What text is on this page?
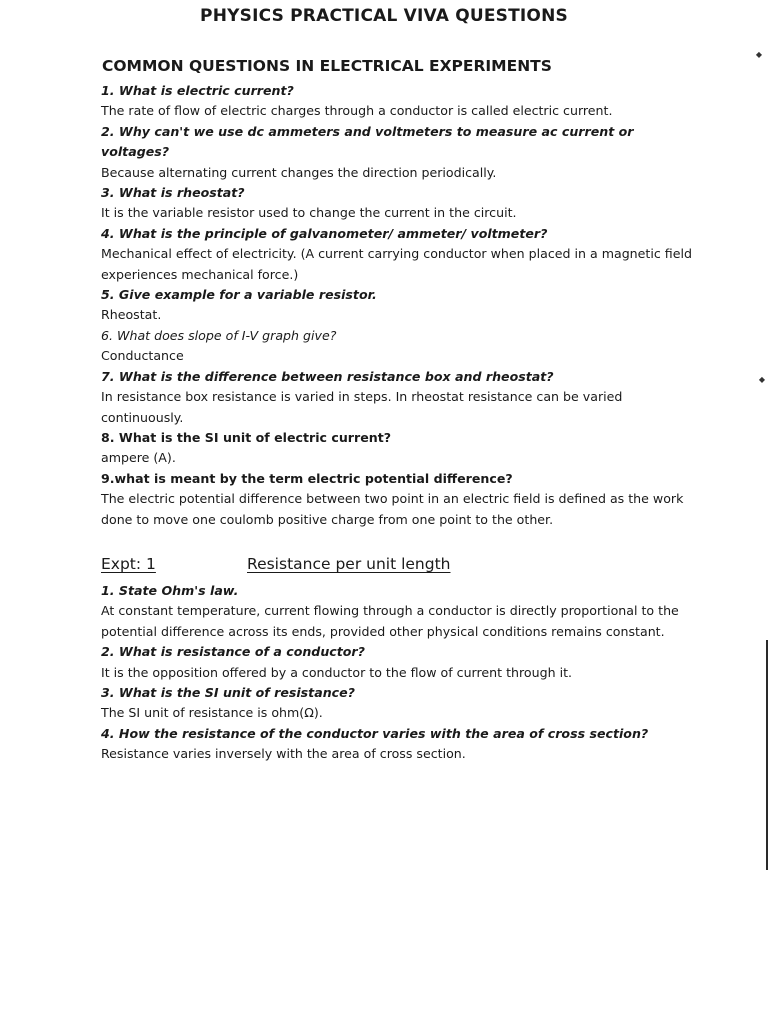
PHYSICS PRACTICAL VIVA QUESTIONS
COMMON QUESTIONS IN ELECTRICAL EXPERIMENTS
1. What is electric current?
The rate of flow of electric charges through a conductor is called electric current.
2. Why can't we use dc ammeters and voltmeters to measure ac current or voltages?
Because alternating current changes the direction periodically.
3. What is rheostat?
It is the variable resistor used to change the current in the circuit.
4. What is the principle of galvanometer/ ammeter/ voltmeter?
Mechanical effect of electricity. (A current carrying conductor when placed in a magnetic field experiences mechanical force.)
5. Give example for a variable resistor.
Rheostat.
6. What does slope of I-V graph give?
Conductance
7. What is the difference between resistance box and rheostat?
In resistance box resistance is varied in steps. In rheostat resistance can be varied continuously.
8. What is the SI unit of electric current?
ampere (A).
9.what is meant by the term electric potential difference?
The electric potential difference between two point in an electric field is defined as the work done to move one coulomb positive charge from one point to the other.
Expt: 1	Resistance per unit length
1. State Ohm's law.
At constant temperature, current flowing through a conductor is directly proportional to the potential difference across its ends, provided other physical conditions remains constant.
2. What is resistance of a conductor?
It is the opposition offered by a conductor to the flow of current through it.
3. What is the SI unit of resistance?
The SI unit of resistance is ohm(Ω).
4. How the resistance of the conductor varies with the area of cross section?
Resistance varies inversely with the area of cross section.
◆
◆
